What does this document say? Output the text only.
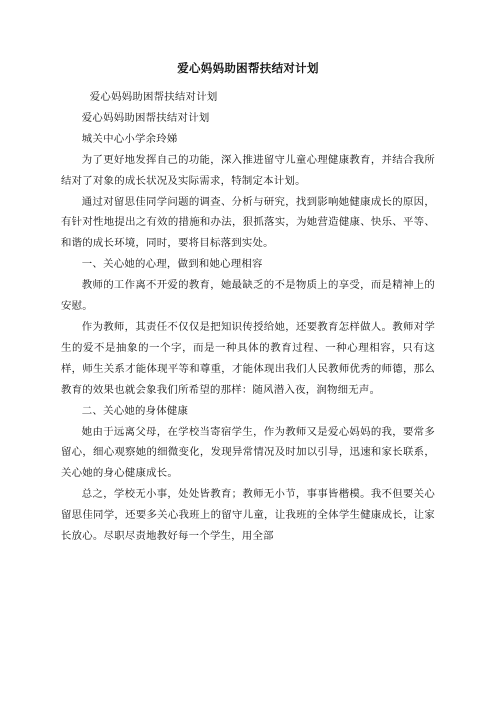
爱心妈妈助困帮扶结对计划

爱心妈妈助困帮扶结对计划

爱心妈妈助困帮扶结对计划

城关中心小学余玲娣

为了更好地发挥自己的功能，深入推进留守儿童心理健康教育，并结合我所结对了对象的成长状况及实际需求，特制定本计划。

通过对留思佳同学问题的调查、分析与研究，找到影响她健康成长的原因，有针对性地提出之有效的措施和办法，狠抓落实，为她营造健康、快乐、平等、和谐的成长环境，同时，要将目标落到实处。

一、关心她的心理，做到和她心理相容

教师的工作离不开爱的教育，她最缺乏的不是物质上的享受，而是精神上的安慰。

作为教师，其责任不仅仅是把知识传授给她，还要教育怎样做人。教师对学生的爱不是抽象的一个字，而是一种具体的教育过程、一种心理相容，只有这样，师生关系才能体现平等和尊重，才能体现出我们人民教师优秀的师德，那么教育的效果也就会象我们所希望的那样：随风潜入夜，润物细无声。

二、关心她的身体健康

她由于远离父母，在学校当寄宿学生，作为教师又是爱心妈妈的我，要常多留心，细心观察她的细微变化，发现异常情况及时加以引导，迅速和家长联系，关心她的身心健康成长。

总之，学校无小事，处处皆教育；教师无小节，事事皆楷模。我不但要关心留思佳同学，还要多关心我班上的留守儿童，让我班的全体学生健康成长，让家长放心。尽职尽责地教好每一个学生，用全部
